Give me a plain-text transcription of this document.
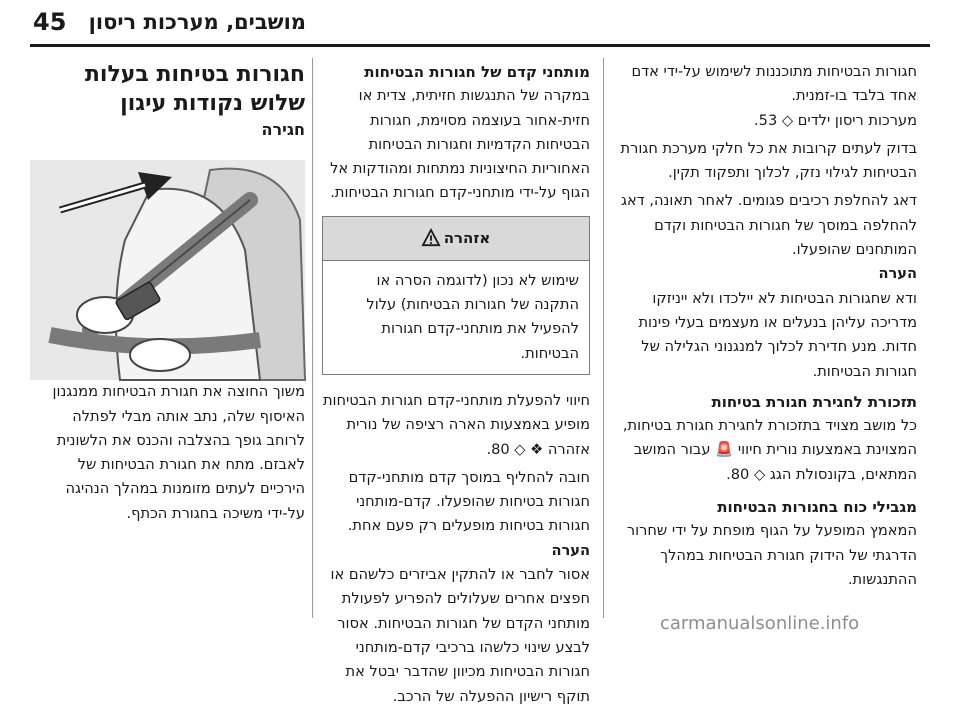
45 מושבים, מערכות ריסון

חגורות הבטיחות מתוכננות לשימוש על-ידי אדם אחד בלבד בו-זמנית.

מערכות ריסון ילדים ◇ 53.

בדוק לעתים קרובות את כל חלקי מערכת חגורת הבטיחות לגילוי נזק, לכלוך ותפקוד תקין.

דאג להחלפת רכיבים פגומים. לאחר תאונה, דאג להחלפה במוסך של חגורות הבטיחות וקדם המותחנים שהופעלו.

הערה

ודא שחגורות הבטיחות לא יילכדו ולא ייניזקו מדריכה עליהן בנעלים או מעצמים בעלי פינות חדות. מנע חדירת לכלוך למנגנוני הגלילה של חגורות הבטיחות.

תזכורת לחגירת חגורת בטיחות

כל מושב מצויד בתזכורת לחגירת חגורת בטיחות, המצוינת באמצעות נורית חיווי 🚨 עבור המושב המתאים, בקונסולת הגג ◇ 80.

מגבילי כוח בחגורות הבטיחות

המאמץ המופעל על הגוף מופחת על ידי שחרור הדרגתי של הידוק חגורת הבטיחות במהלך ההתנגשות.

מותחני קדם של חגורות הבטיחות

במקרה של התנגשות חזיתית, צדית או חזית-אחור בעוצמה מסוימת, חגורות הבטיחות הקדמיות וחגורות הבטיחות האחוריות החיצוניות נמתחות ומהודקות אל הגוף על-ידי מותחני-קדם חגורות הבטיחות.

אזהרה

שימוש לא נכון (לדוגמה הסרה או התקנה של חגורות הבטיחות) עלול להפעיל את מותחני-קדם חגורות הבטיחות.

חיווי להפעלת מותחני-קדם חגורות הבטיחות מופיע באמצעות הארה רציפה של נורית אזהרה ❖ ◇ 80.

חובה להחליף במוסך קדם מותחני-קדם חגורות בטיחות שהופעלו. קדם-מותחני חגורות בטיחות מופעלים רק פעם אחת.

הערה

אסור לחבר או להתקין אביזרים כלשהם או חפצים אחרים שעלולים להפריע לפעולת מותחני הקדם של חגורות הבטיחות. אסור לבצע שינוי כלשהו ברכיבי קדם-מותחני חגורות הבטיחות מכיוון שהדבר יבטל את תוקף רישיון ההפעלה של הרכב.

חגורות בטיחות בעלות שלוש נקודות עיגון

חגירה

משוך החוצה את חגורת הבטיחות ממנגנון האיסוף שלה, נתב אותה מבלי לפתלה לרוחב גופך בהצלבה והכנס את הלשונית לאבזם. מתח את חגורת הבטיחות של הירכיים לעתים מזומנות במהלך הנהיגה על-ידי משיכה בחגורת הכתף.

carmanualsonline.info
